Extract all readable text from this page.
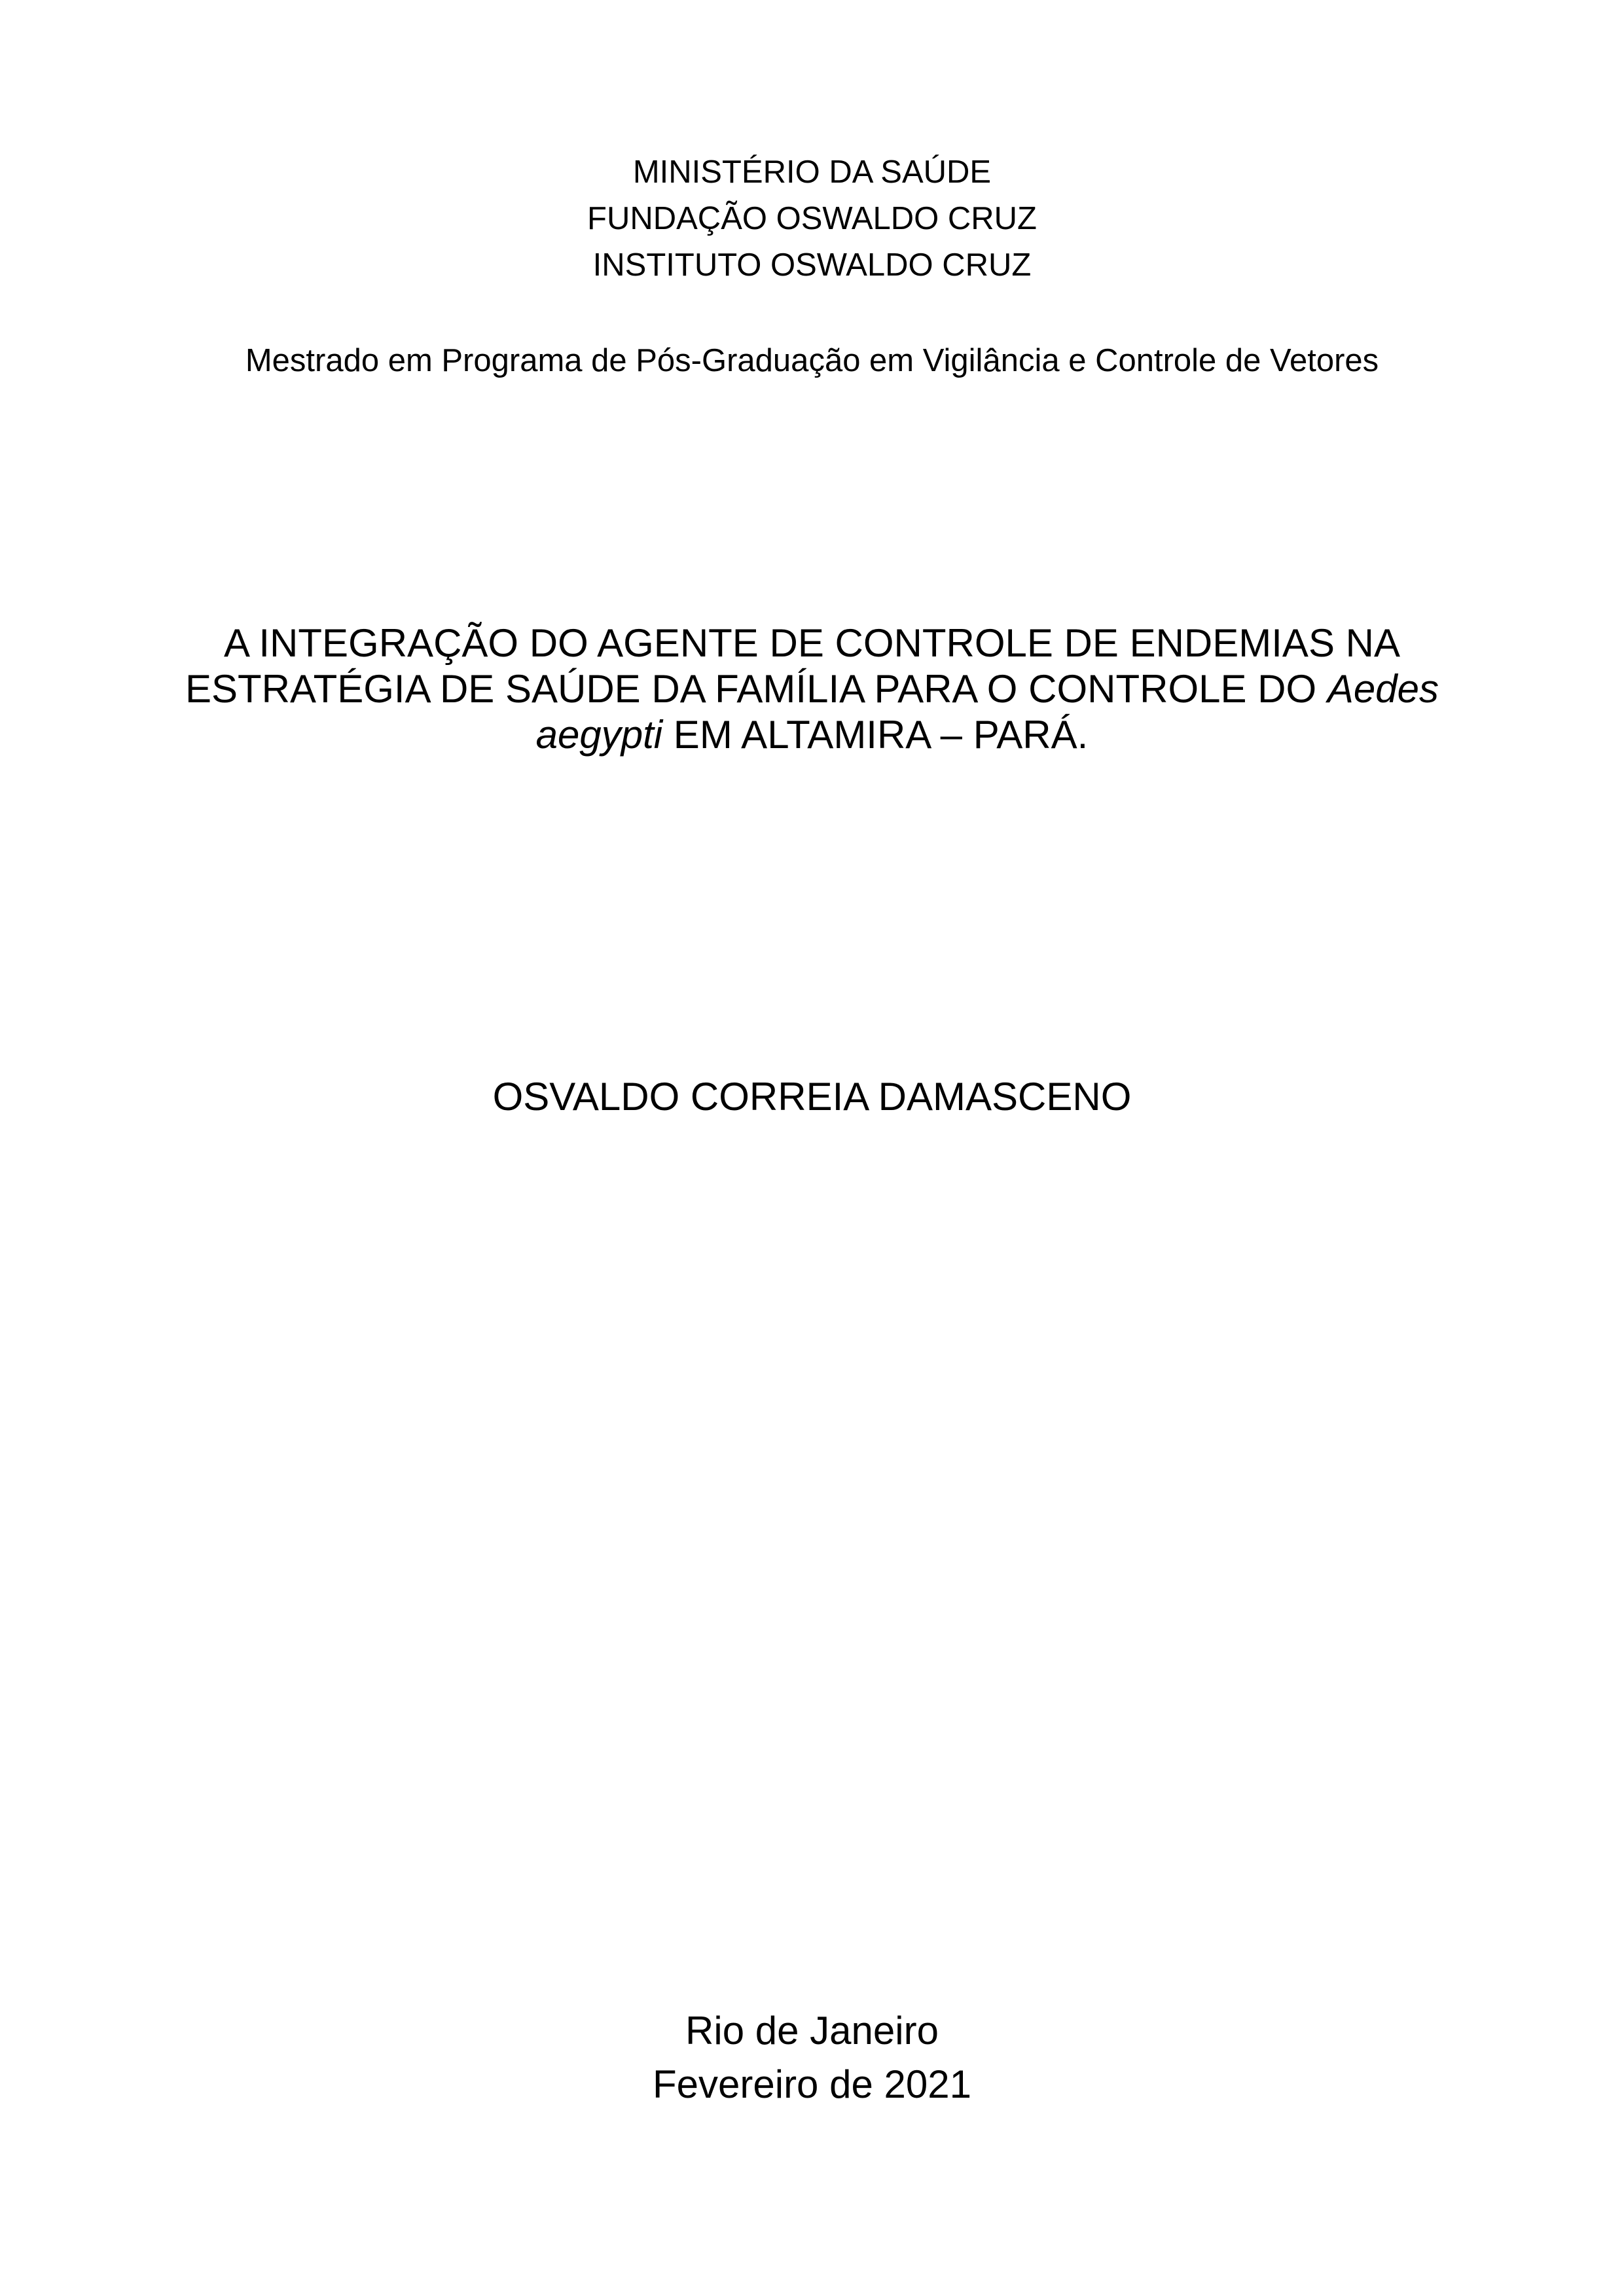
MINISTÉRIO DA SAÚDE
FUNDAÇÃO OSWALDO CRUZ
INSTITUTO OSWALDO CRUZ
Mestrado em Programa de Pós-Graduação em Vigilância e Controle de Vetores
A INTEGRAÇÃO DO AGENTE DE CONTROLE DE ENDEMIAS NA
ESTRATÉGIA DE SAÚDE DA FAMÍLIA PARA O CONTROLE DO Aedes
aegypti EM ALTAMIRA – PARÁ.
OSVALDO CORREIA DAMASCENO
Rio de Janeiro
Fevereiro de 2021
